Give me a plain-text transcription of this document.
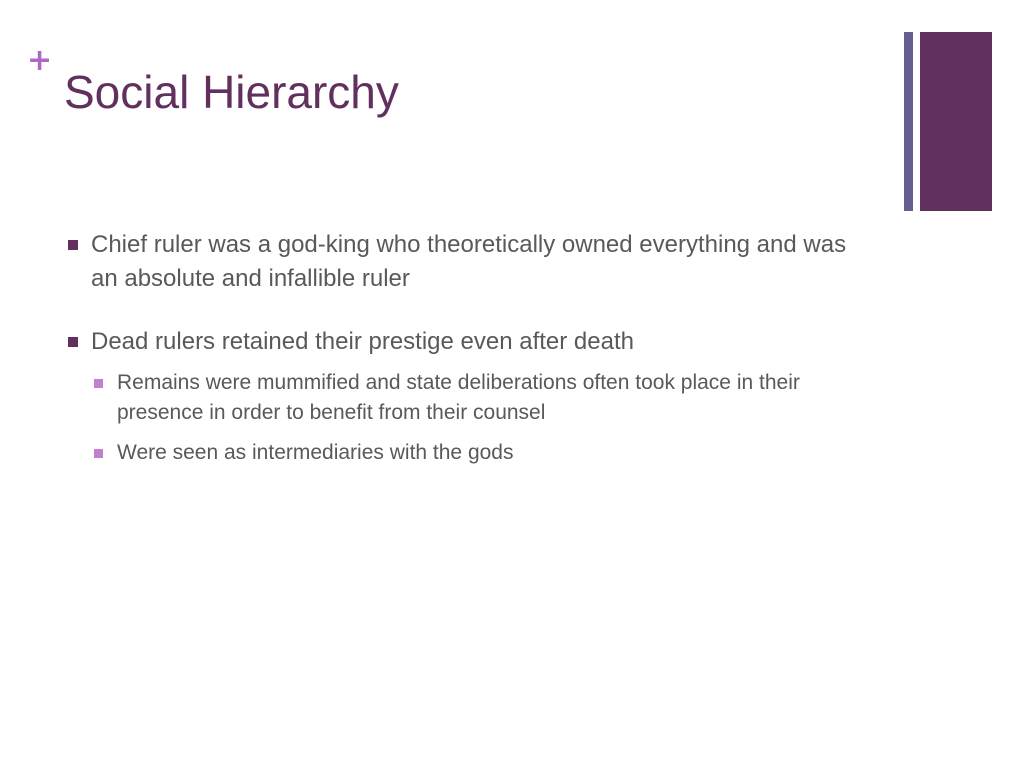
+
Social Hierarchy
Chief ruler was a god-king who theoretically owned everything and was an absolute and infallible ruler
Dead rulers retained their prestige even after death
Remains were mummified and state deliberations often took place in their presence in order to benefit from their counsel
Were seen as intermediaries with the gods
